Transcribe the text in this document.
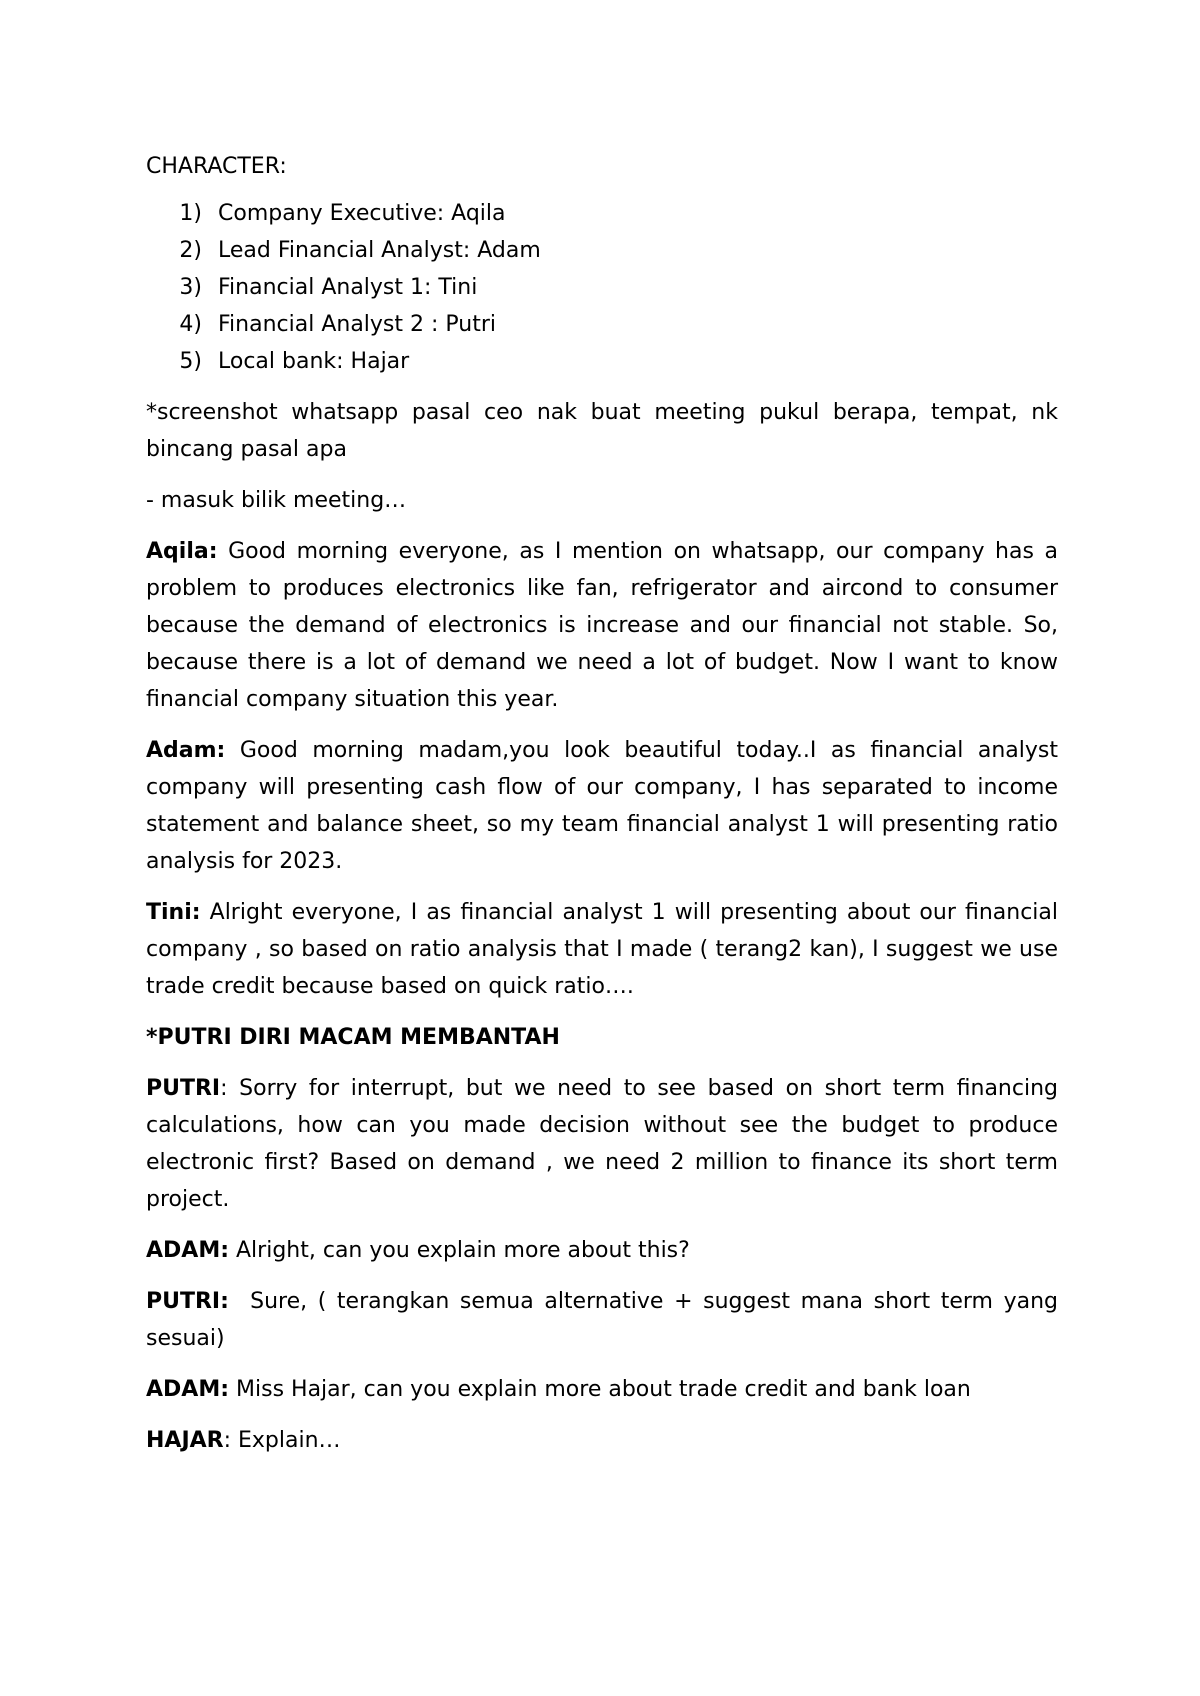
CHARACTER:

1) Company Executive: Aqila
2) Lead Financial Analyst: Adam
3) Financial Analyst 1: Tini
4) Financial Analyst 2 : Putri
5) Local bank: Hajar

*screenshot whatsapp pasal ceo nak buat meeting pukul berapa, tempat, nk bincang pasal apa

- masuk bilik meeting…

Aqila: Good morning everyone, as I mention on whatsapp, our company has a problem to produces electronics like fan, refrigerator and aircond to consumer because the demand of electronics is increase and our financial not stable. So, because there is a lot of demand we need a lot of budget. Now I want to know financial company situation this year.

Adam: Good morning madam,you look beautiful today..I as financial analyst company will presenting cash flow of our company, I has separated to income statement and balance sheet, so my team financial analyst 1 will presenting ratio analysis for 2023.

Tini: Alright everyone, I as financial analyst 1 will presenting about our financial company , so based on ratio analysis that I made ( terang2 kan), I suggest we use trade credit because based on quick ratio….

*PUTRI DIRI MACAM MEMBANTAH

PUTRI: Sorry for interrupt, but we need to see based on short term financing calculations, how can you made decision without see the budget to produce electronic first? Based on demand , we need 2 million to finance its short term project.

ADAM: Alright, can you explain more about this?

PUTRI:  Sure, ( terangkan semua alternative + suggest mana short term yang sesuai)

ADAM: Miss Hajar, can you explain more about trade credit and bank loan

HAJAR: Explain…
